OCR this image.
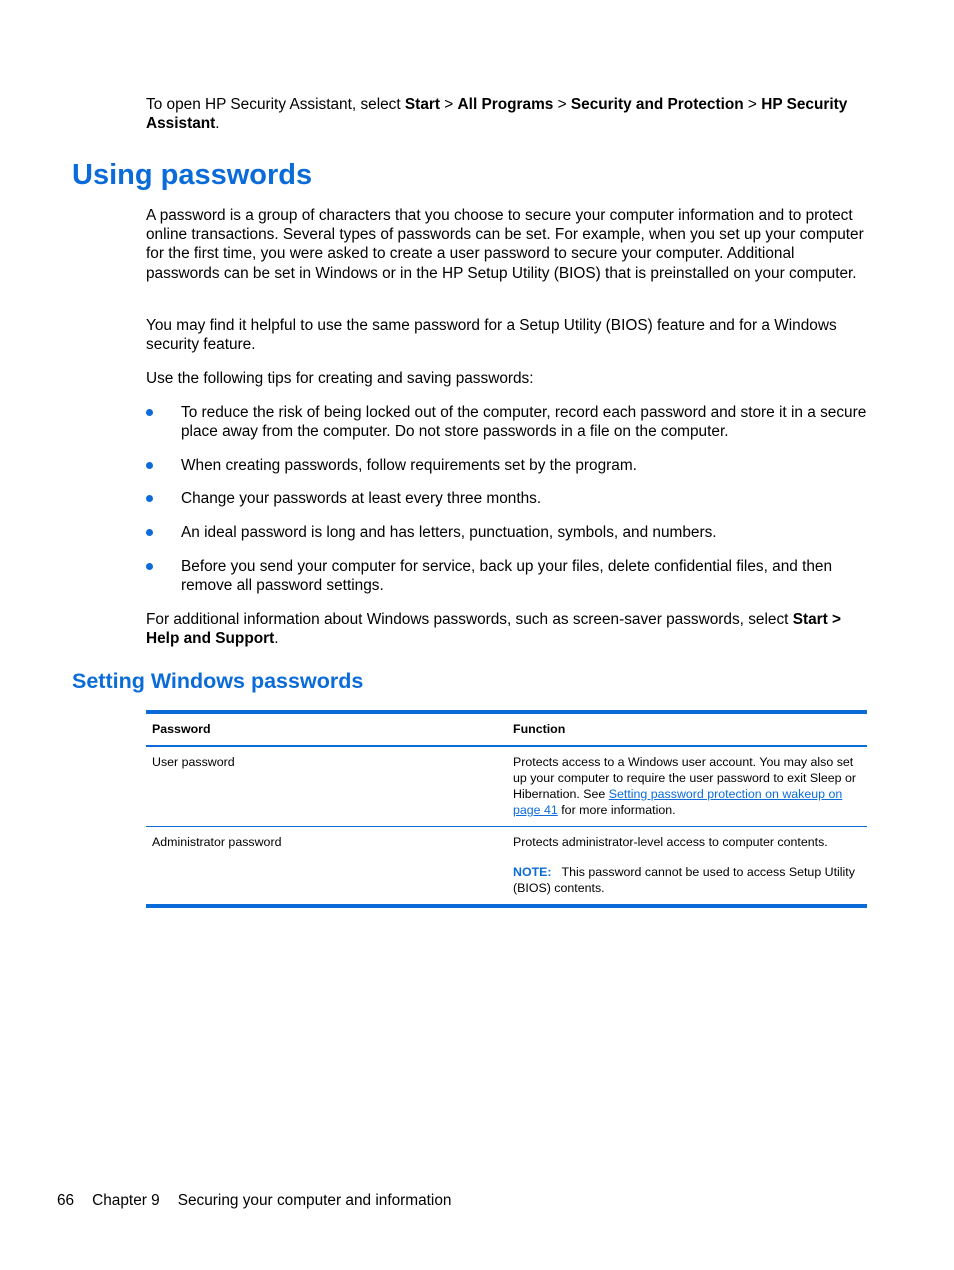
To open HP Security Assistant, select Start > All Programs > Security and Protection > HP Security Assistant.
Using passwords
A password is a group of characters that you choose to secure your computer information and to protect online transactions. Several types of passwords can be set. For example, when you set up your computer for the first time, you were asked to create a user password to secure your computer. Additional passwords can be set in Windows or in the HP Setup Utility (BIOS) that is preinstalled on your computer.
You may find it helpful to use the same password for a Setup Utility (BIOS) feature and for a Windows security feature.
Use the following tips for creating and saving passwords:
To reduce the risk of being locked out of the computer, record each password and store it in a secure place away from the computer. Do not store passwords in a file on the computer.
When creating passwords, follow requirements set by the program.
Change your passwords at least every three months.
An ideal password is long and has letters, punctuation, symbols, and numbers.
Before you send your computer for service, back up your files, delete confidential files, and then remove all password settings.
For additional information about Windows passwords, such as screen-saver passwords, select Start > Help and Support.
Setting Windows passwords
Password	Function
User password	Protects access to a Windows user account. You may also set up your computer to require the user password to exit Sleep or Hibernation. See Setting password protection on wakeup on page 41 for more information.
Administrator password	Protects administrator-level access to computer contents.
NOTE: This password cannot be used to access Setup Utility (BIOS) contents.
66 Chapter 9 Securing your computer and information
